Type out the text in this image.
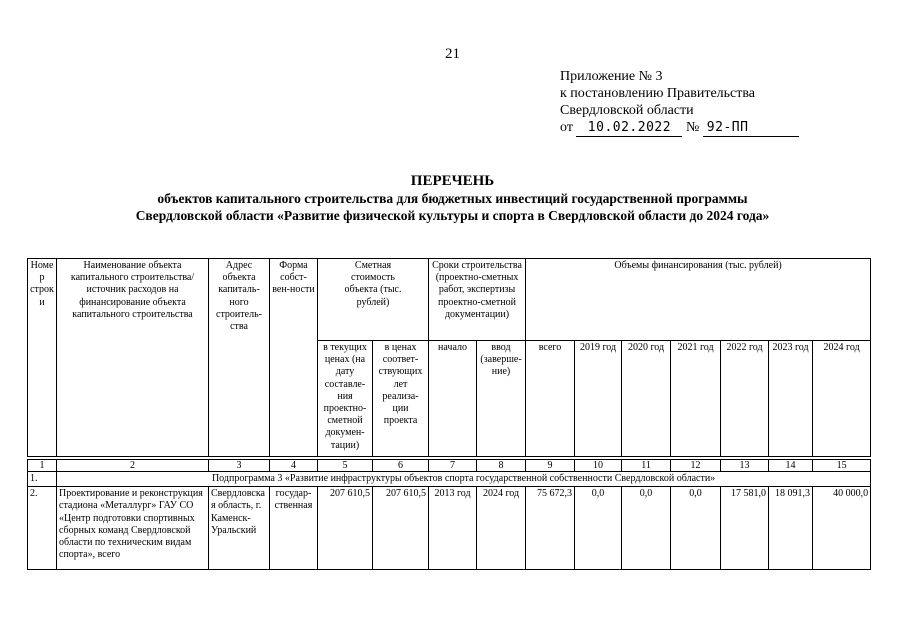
21
Приложение № 3
к постановлению Правительства
Свердловской области
от 10.02.2022 № 92-ПП
ПЕРЕЧЕНЬ
объектов капитального строительства для бюджетных инвестиций государственной программы
Свердловской области «Развитие физической культуры и спорта в Свердловской области до 2024 года»
Номер строки	Наименование объекта капитального строительства/источник расходов на финансирование объекта капитального строительства	Адрес объекта капиталь-ного строитель-ства	Форма собст-вен-ности	Сметная стоимость объекта (тыс. рублей)		Сроки строительства (проектно-сметных работ, экспертизы проектно-сметной документации)		Объемы финансирования (тыс. рублей)						
				в текущих ценах (на дату составле-ния проектно-сметной докумен-тации)	в ценах соответ-ствующих лет реализа-ции проекта	начало	ввод (заверше-ние)	всего	2019 год	2020 год	2021 год	2022 год	2023 год	2024 год

1	2	3	4	5	6	7	8	9	10	11	12	13	14	15
1.	Подпрограмма 3 «Развитие инфраструктуры объектов спорта государственной собственности Свердловской области»													
2.	Проектирование и реконструкция стадиона «Металлург» ГАУ СО «Центр подготовки спортивных сборных команд Свердловской области по техническим видам спорта», всего	Свердловская область, г. Каменск-Уральский	государ-ственная	207 610,5	207 610,5	2013 год	2024 год	75 672,3	0,0	0,0	0,0	17 581,0	18 091,3	40 000,0
